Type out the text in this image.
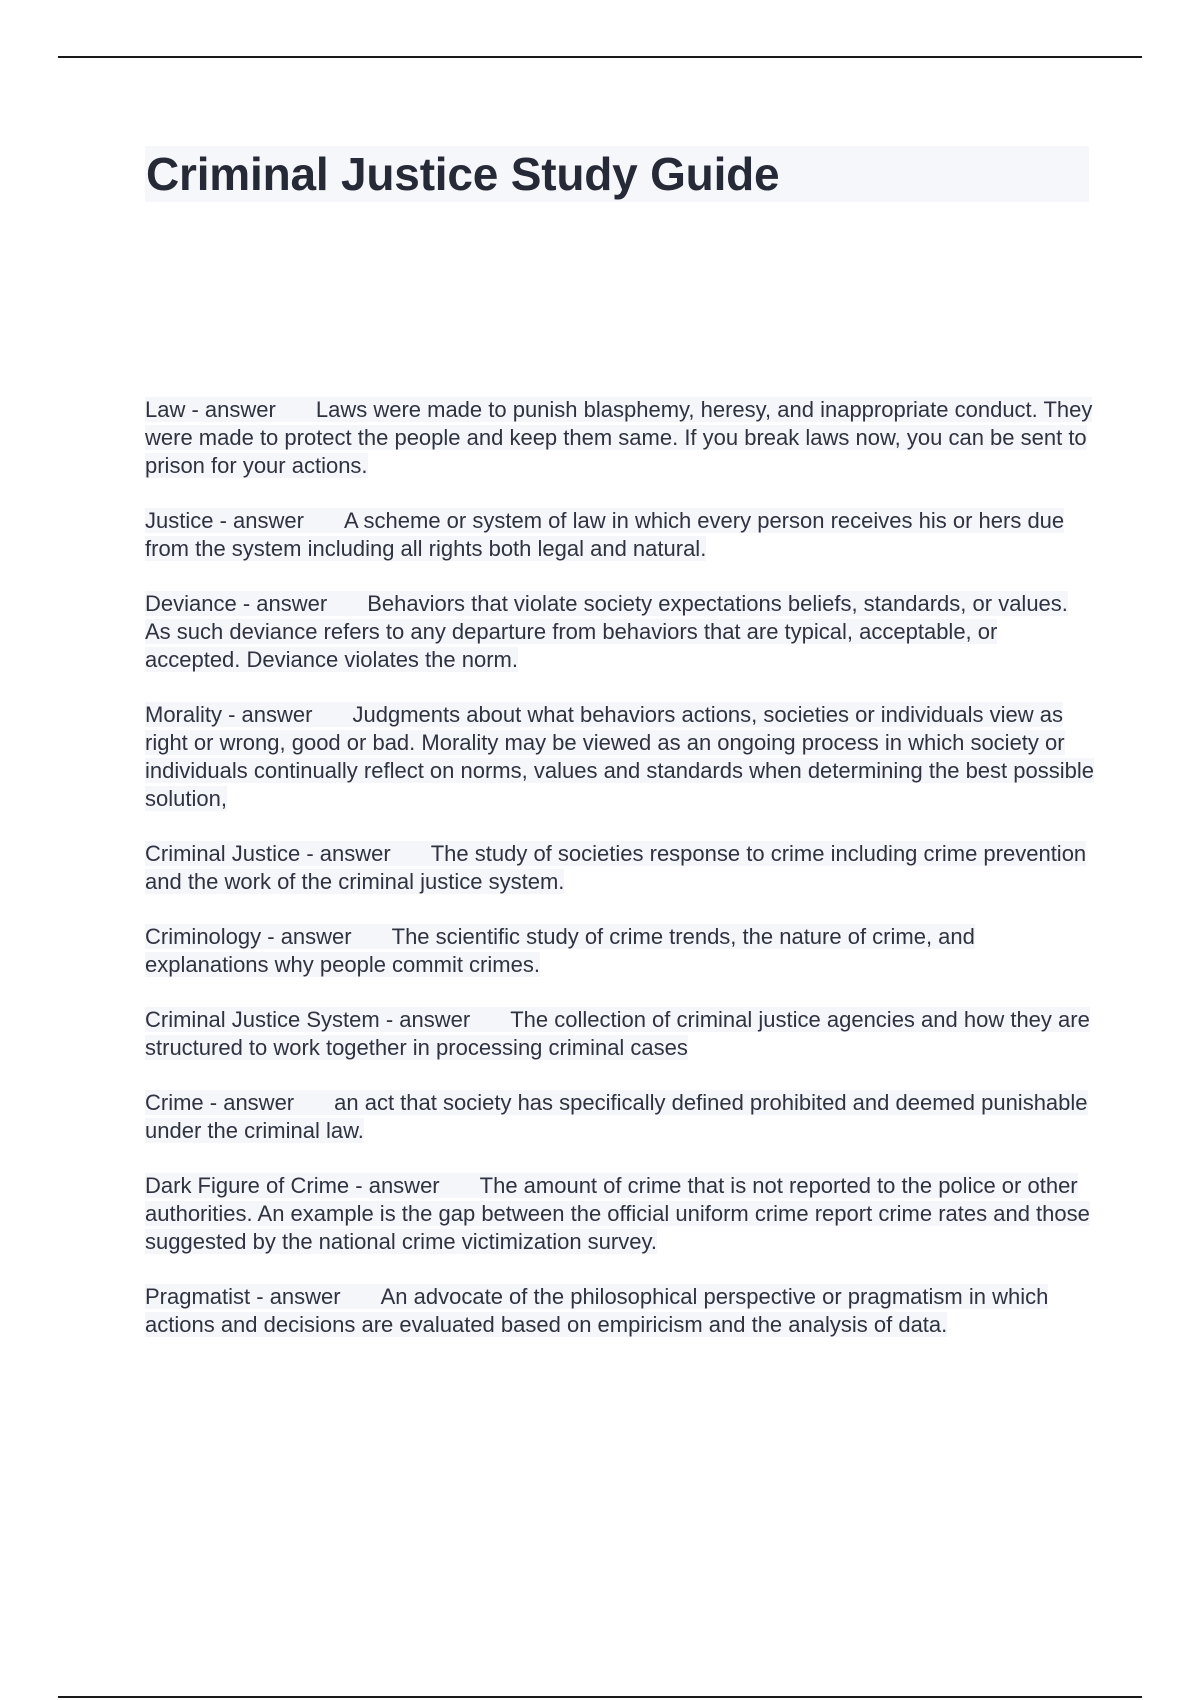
Criminal Justice Study Guide

Law - answer Laws were made to punish blasphemy, heresy, and inappropriate conduct. They were made to protect the people and keep them same. If you break laws now, you can be sent to prison for your actions.

Justice - answer A scheme or system of law in which every person receives his or hers due from the system including all rights both legal and natural.

Deviance - answer Behaviors that violate society expectations beliefs, standards, or values. As such deviance refers to any departure from behaviors that are typical, acceptable, or accepted. Deviance violates the norm.

Morality - answer Judgments about what behaviors actions, societies or individuals view as right or wrong, good or bad. Morality may be viewed as an ongoing process in which society or individuals continually reflect on norms, values and standards when determining the best possible solution,

Criminal Justice - answer The study of societies response to crime including crime prevention and the work of the criminal justice system.

Criminology - answer The scientific study of crime trends, the nature of crime, and explanations why people commit crimes.

Criminal Justice System - answer The collection of criminal justice agencies and how they are structured to work together in processing criminal cases

Crime - answer an act that society has specifically defined prohibited and deemed punishable under the criminal law.

Dark Figure of Crime - answer The amount of crime that is not reported to the police or other authorities. An example is the gap between the official uniform crime report crime rates and those suggested by the national crime victimization survey.

Pragmatist - answer An advocate of the philosophical perspective or pragmatism in which actions and decisions are evaluated based on empiricism and the analysis of data.
